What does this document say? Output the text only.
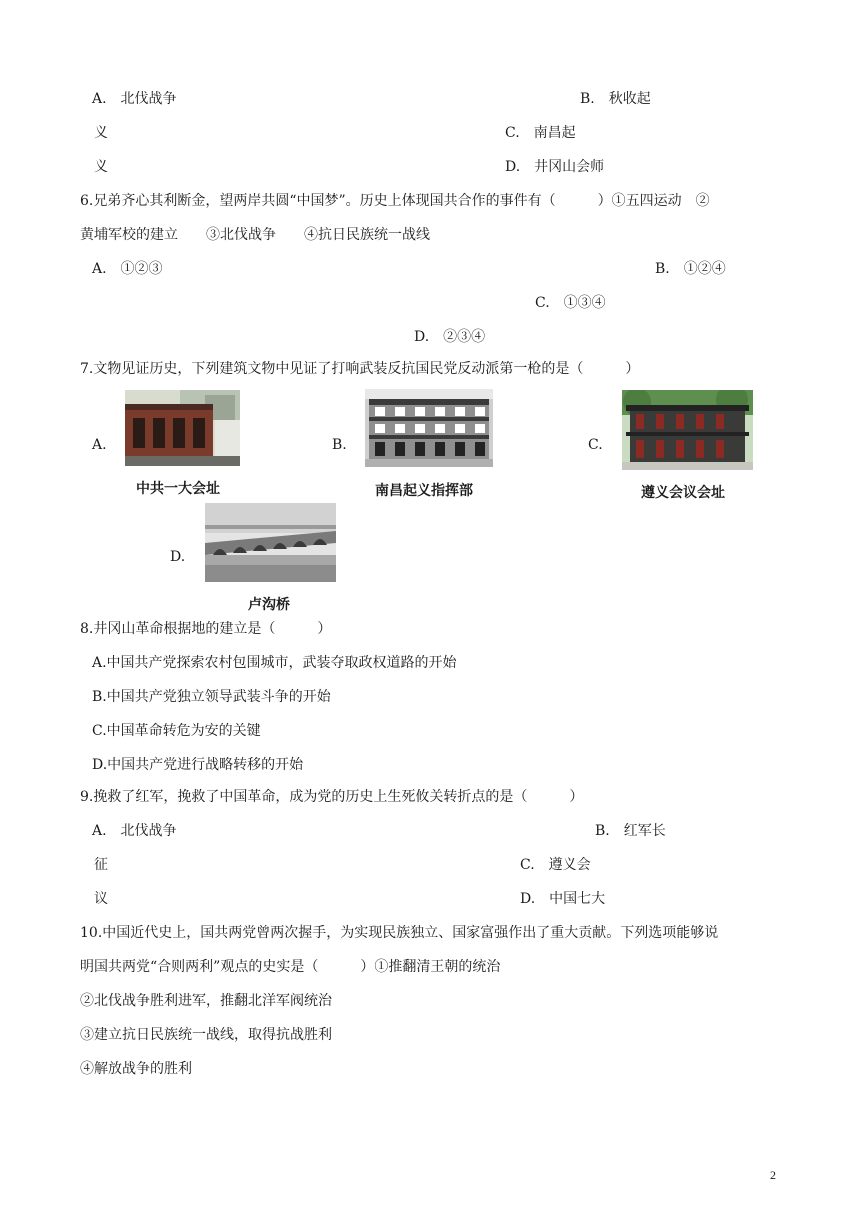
A.　北伐战争	B.　秋收起
义	C.　南昌起
义	D.　井冈山会师
6.兄弟齐心其利断金，望两岸共圆“中国梦”。历史上体现国共合作的事件有（　　　）①五四运动　②
黄埔军校的建立　　③北伐战争　　④抗日民族统一战线
A.　①②③	B.　①②④
C.　①③④
D.　②③④
7.文物见证历史，下列建筑文物中见证了打响武装反抗国民党反动派第一枪的是（　　　）
A.
中共一大会址
B.
南昌起义指挥部
C.
遵义会议会址
D.
卢沟桥
8.井冈山革命根据地的建立是（　　　）
A.中国共产党探索农村包围城市，武装夺取政权道路的开始
B.中国共产党独立领导武装斗争的开始
C.中国革命转危为安的关键
D.中国共产党进行战略转移的开始
9.挽救了红军，挽救了中国革命，成为党的历史上生死攸关转折点的是（　　　）
A.　北伐战争	B.　红军长
征	C.　遵义会
议	D.　中国七大
10.中国近代史上，国共两党曾两次握手，为实现民族独立、国家富强作出了重大贡献。下列选项能够说
明国共两党“合则两利”观点的史实是（　　　）①推翻清王朝的统治
②北伐战争胜利进军，推翻北洋军阀统治
③建立抗日民族统一战线，取得抗战胜利
④解放战争的胜利
2
